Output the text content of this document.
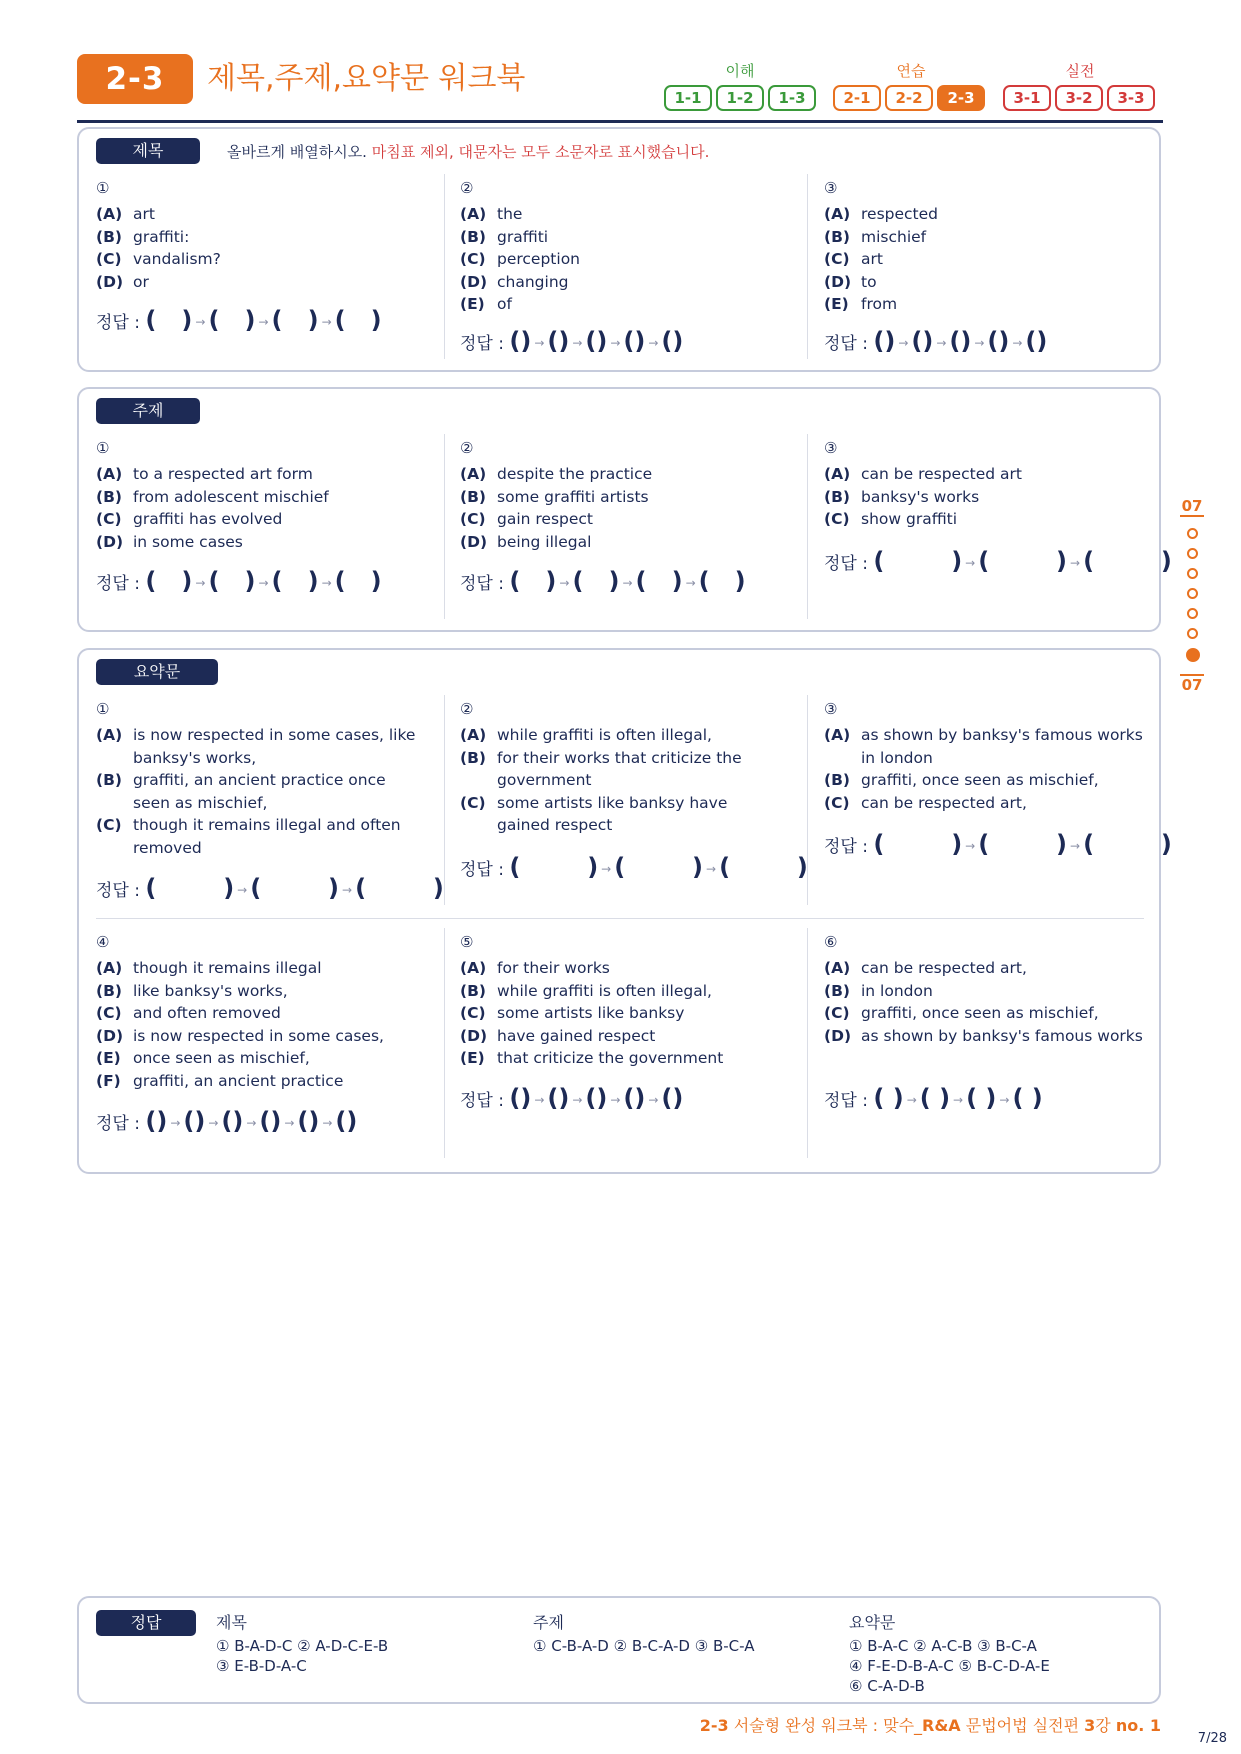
2-3	제목,주제,요약문 워크북	이해	연습	실전
1-1	1-2	1-3	2-1	2-2	2-3	3-1	3-2	3-3
제목	올바르게 배열하시오. 마침표 제외, 대문자는 모두 소문자로 표시했습니다.
①
(A) art
(B) graffiti:
(C) vandalism?
(D) or
②
(A) the
(B) graffiti
(C) perception
(D) changing
(E) of
③
(A) respected
(B) mischief
(C) art
(D) to
(E) from
정답 : (   ) → (   ) → (   ) → (   )
정답 : () → () → () → () → ()	정답 : () → () → () → () → ()
주제
①
(A) to a respected art form
(B) from adolescent mischief
(C) graffiti has evolved
(D) in some cases
②
(A) despite the practice
(B) some graffiti artists
(C) gain respect
(D) being illegal
③
(A) can be respected art
(B) banksy's works
(C) show graffiti
정답 : (   ) → (   ) → (   ) → (   )	정답 : (   ) → (   ) → (   ) → (   )
정답 : (        ) → (        ) → (        )
요약문
①
(A) is now respected in some cases, like banksy's works,
(B) graffiti, an ancient practice once seen as mischief,
(C) though it remains illegal and often removed
②
(A) while graffiti is often illegal,
(B) for their works that criticize the government
(C) some artists like banksy have gained respect
③
(A) as shown by banksy's famous works in london
(B) graffiti, once seen as mischief,
(C) can be respected art,
정답 : (        ) → (        ) → (        )
정답 : (        ) → (        ) → (        )
정답 : (        ) → (        ) → (        )
④
(A) though it remains illegal
(B) like banksy's works,
(C) and often removed
(D) is now respected in some cases,
(E) once seen as mischief,
(F) graffiti, an ancient practice
⑤
(A) for their works
(B) while graffiti is often illegal,
(C) some artists like banksy
(D) have gained respect
(E) that criticize the government
⑥
(A) can be respected art,
(B) in london
(C) graffiti, once seen as mischief,
(D) as shown by banksy's famous works
정답 : () → () → () → () → () → ()
정답 : () → () → () → () → ()	정답 : ( ) → ( ) → ( ) → ( )
07
07
정답	제목
① B-A-D-C ② A-D-C-E-B
③ E-B-D-A-C
주제
① C-B-A-D ② B-C-A-D ③ B-C-A
요약문
① B-A-C ② A-C-B ③ B-C-A
④ F-E-D-B-A-C ⑤ B-C-D-A-E
⑥ C-A-D-B
2-3 서술형 완성 워크북 : 맞수_R&A 문법어법 실전편 3강 no. 1
7/28
